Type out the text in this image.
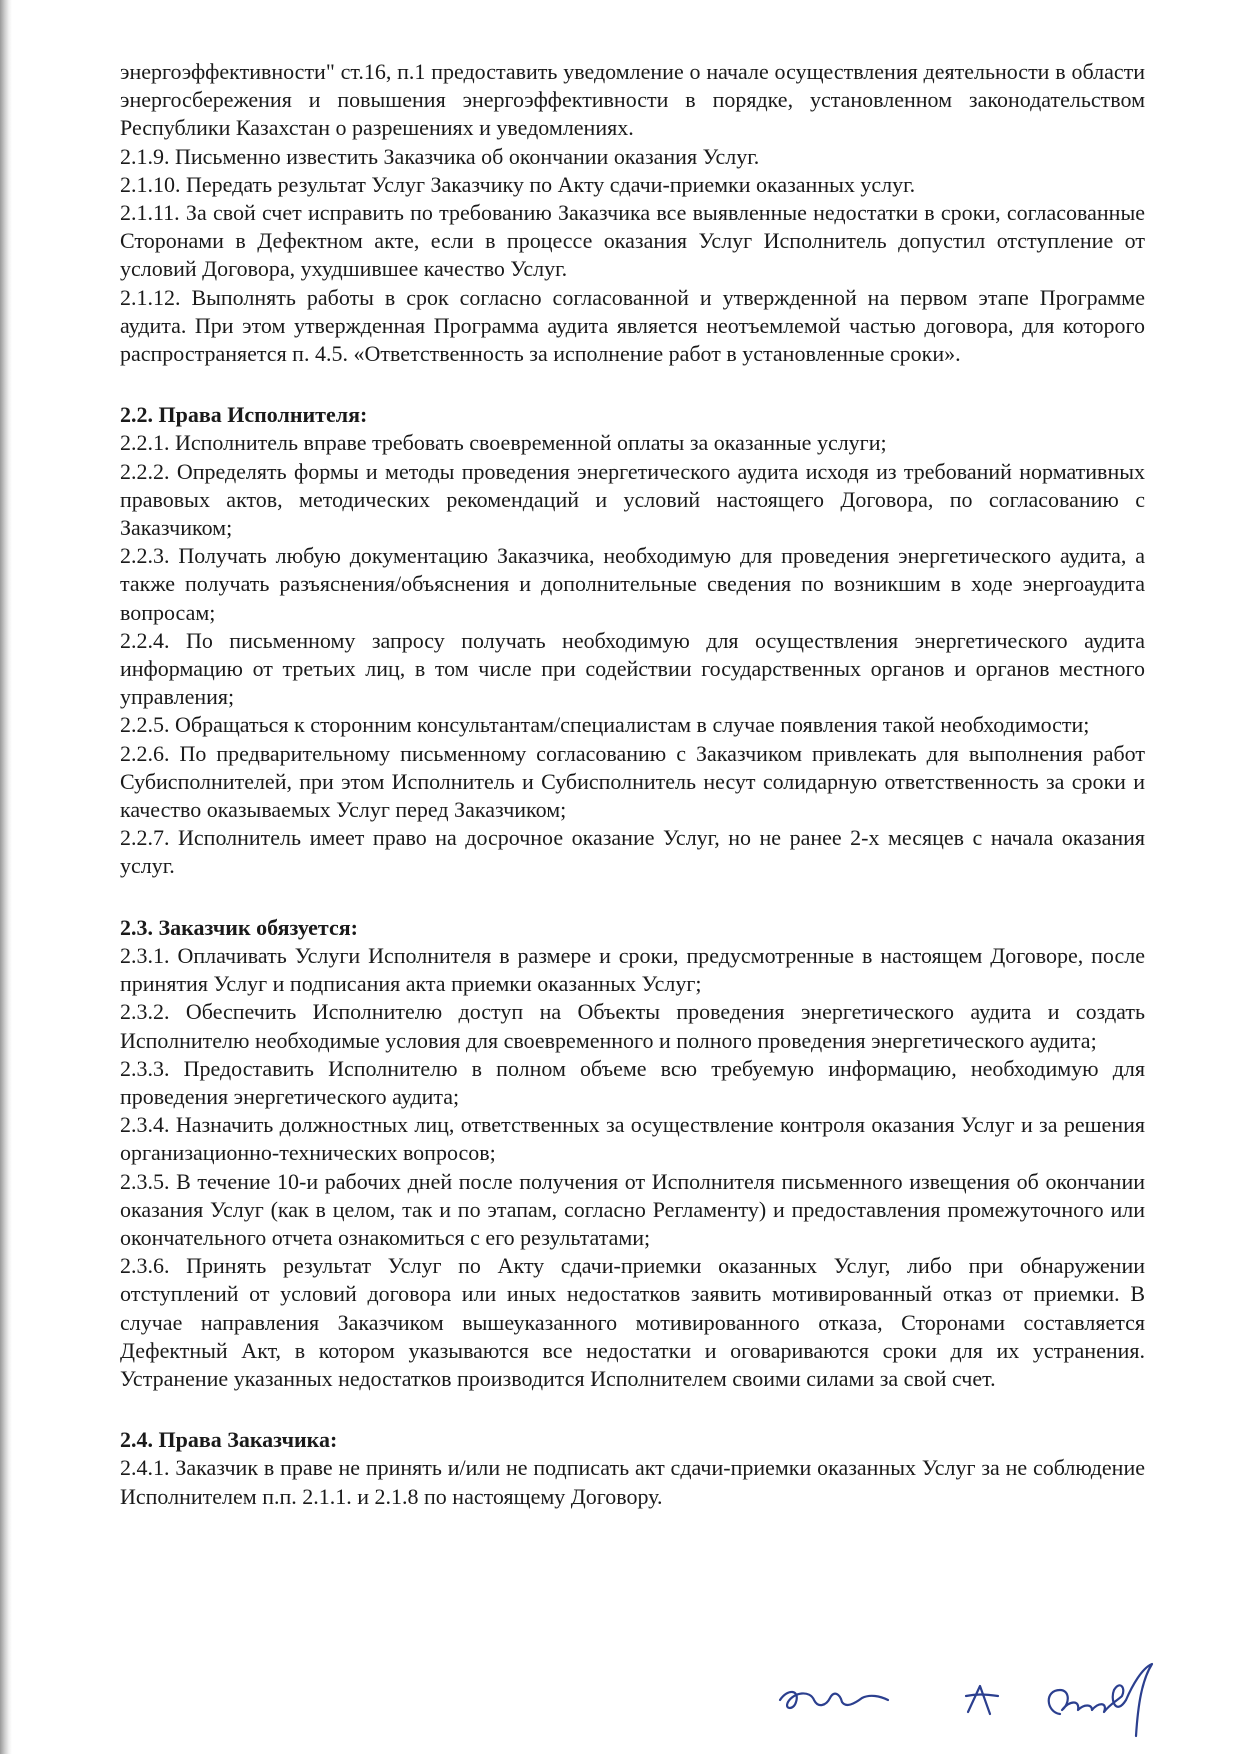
энергоэффективности" ст.16, п.1 предоставить уведомление о начале осуществления деятельности в области энергосбережения и повышения энергоэффективности в порядке, установленном законодательством Республики Казахстан о разрешениях и уведомлениях.

2.1.9. Письменно известить Заказчика об окончании оказания Услуг.

2.1.10. Передать результат Услуг Заказчику по Акту сдачи-приемки оказанных услуг.

2.1.11. За свой счет исправить по требованию Заказчика все выявленные недостатки в сроки, согласованные Сторонами в Дефектном акте, если в процессе оказания Услуг Исполнитель допустил отступление от условий Договора, ухудшившее качество Услуг.

2.1.12. Выполнять работы в срок согласно согласованной и утвержденной на первом этапе Программе аудита. При этом утвержденная Программа аудита является неотъемлемой частью договора, для которого распространяется п. 4.5. «Ответственность за исполнение работ в установленные сроки».

2.2. Права Исполнителя:

2.2.1. Исполнитель вправе требовать своевременной оплаты за оказанные услуги;

2.2.2. Определять формы и методы проведения энергетического аудита исходя из требований нормативных правовых актов, методических рекомендаций и условий настоящего Договора, по согласованию с Заказчиком;

2.2.3. Получать любую документацию Заказчика, необходимую для проведения энергетического аудита, а также получать разъяснения/объяснения и дополнительные сведения по возникшим в ходе энергоаудита вопросам;

2.2.4. По письменному запросу получать необходимую для осуществления энергетического аудита информацию от третьих лиц, в том числе при содействии государственных органов и органов местного управления;

2.2.5. Обращаться к сторонним консультантам/специалистам в случае появления такой необходимости;

2.2.6. По предварительному письменному согласованию с Заказчиком привлекать для выполнения работ Субисполнителей, при этом Исполнитель и Субисполнитель несут солидарную ответственность за сроки и качество оказываемых Услуг перед Заказчиком;

2.2.7. Исполнитель имеет право на досрочное оказание Услуг, но не ранее 2-х месяцев с начала оказания услуг.

2.3. Заказчик обязуется:

2.3.1. Оплачивать Услуги Исполнителя в размере и сроки, предусмотренные в настоящем Договоре, после принятия Услуг и подписания акта приемки оказанных Услуг;

2.3.2. Обеспечить Исполнителю доступ на Объекты проведения энергетического аудита и создать Исполнителю необходимые условия для своевременного и полного проведения энергетического аудита;

2.3.3. Предоставить Исполнителю в полном объеме всю требуемую информацию, необходимую для проведения энергетического аудита;

2.3.4. Назначить должностных лиц, ответственных за осуществление контроля оказания Услуг и за решения организационно-технических вопросов;

2.3.5. В течение 10-и рабочих дней после получения от Исполнителя письменного извещения об окончании оказания Услуг (как в целом, так и по этапам, согласно Регламенту) и предоставления промежуточного или окончательного отчета ознакомиться с его результатами;

2.3.6. Принять результат Услуг по Акту сдачи-приемки оказанных Услуг, либо при обнаружении отступлений от условий договора или иных недостатков заявить мотивированный отказ от приемки. В случае направления Заказчиком вышеуказанного мотивированного отказа, Сторонами составляется Дефектный Акт, в котором указываются все недостатки и оговариваются сроки для их устранения. Устранение указанных недостатков производится Исполнителем своими силами за свой счет.

2.4. Права Заказчика:

2.4.1. Заказчик в праве не принять и/или не подписать акт сдачи-приемки оказанных Услуг за не соблюдение Исполнителем п.п. 2.1.1. и 2.1.8 по настоящему Договору.
